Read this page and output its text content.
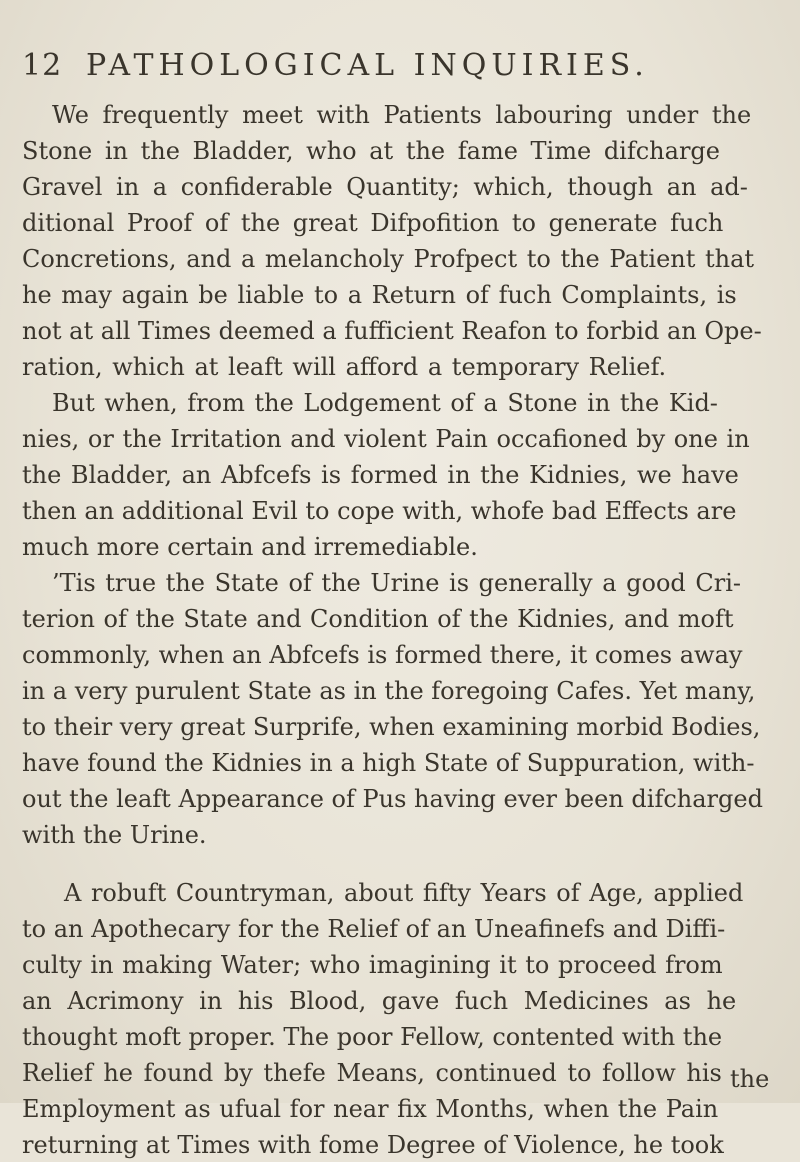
12 PATHOLOGICAL INQUIRIES.
We frequently meet with Patients labouring under the
Stone in the Bladder, who at the fame Time difcharge
Gravel in a confiderable Quantity; which, though an ad-
ditional Proof of the great Difpofition to generate fuch
Concretions, and a melancholy Profpect to the Patient that
he may again be liable to a Return of fuch Complaints, is
not at all Times deemed a fufficient Reafon to forbid an Ope-
ration, which at leaft will afford a temporary Relief.
But when, from the Lodgement of a Stone in the Kid-
nies, or the Irritation and violent Pain occafioned by one in
the Bladder, an Abfcefs is formed in the Kidnies, we have
then an additional Evil to cope with, whofe bad Effects are
much more certain and irremediable.
’Tis true the State of the Urine is generally a good Cri-
terion of the State and Condition of the Kidnies, and moft
commonly, when an Abfcefs is formed there, it comes away
in a very purulent State as in the foregoing Cafes. Yet many,
to their very great Surprife, when examining morbid Bodies,
have found the Kidnies in a high State of Suppuration, with-
out the leaft Appearance of Pus having ever been difcharged
with the Urine.
A robuft Countryman, about fifty Years of Age, applied
to an Apothecary for the Relief of an Uneafinefs and Diffi-
culty in making Water; who imagining it to proceed from
an Acrimony in his Blood, gave fuch Medicines as he
thought moft proper. The poor Fellow, contented with the
Relief he found by thefe Means, continued to follow his
Employment as ufual for near fix Months, when the Pain
returning at Times with fome Degree of Violence, he took
the
